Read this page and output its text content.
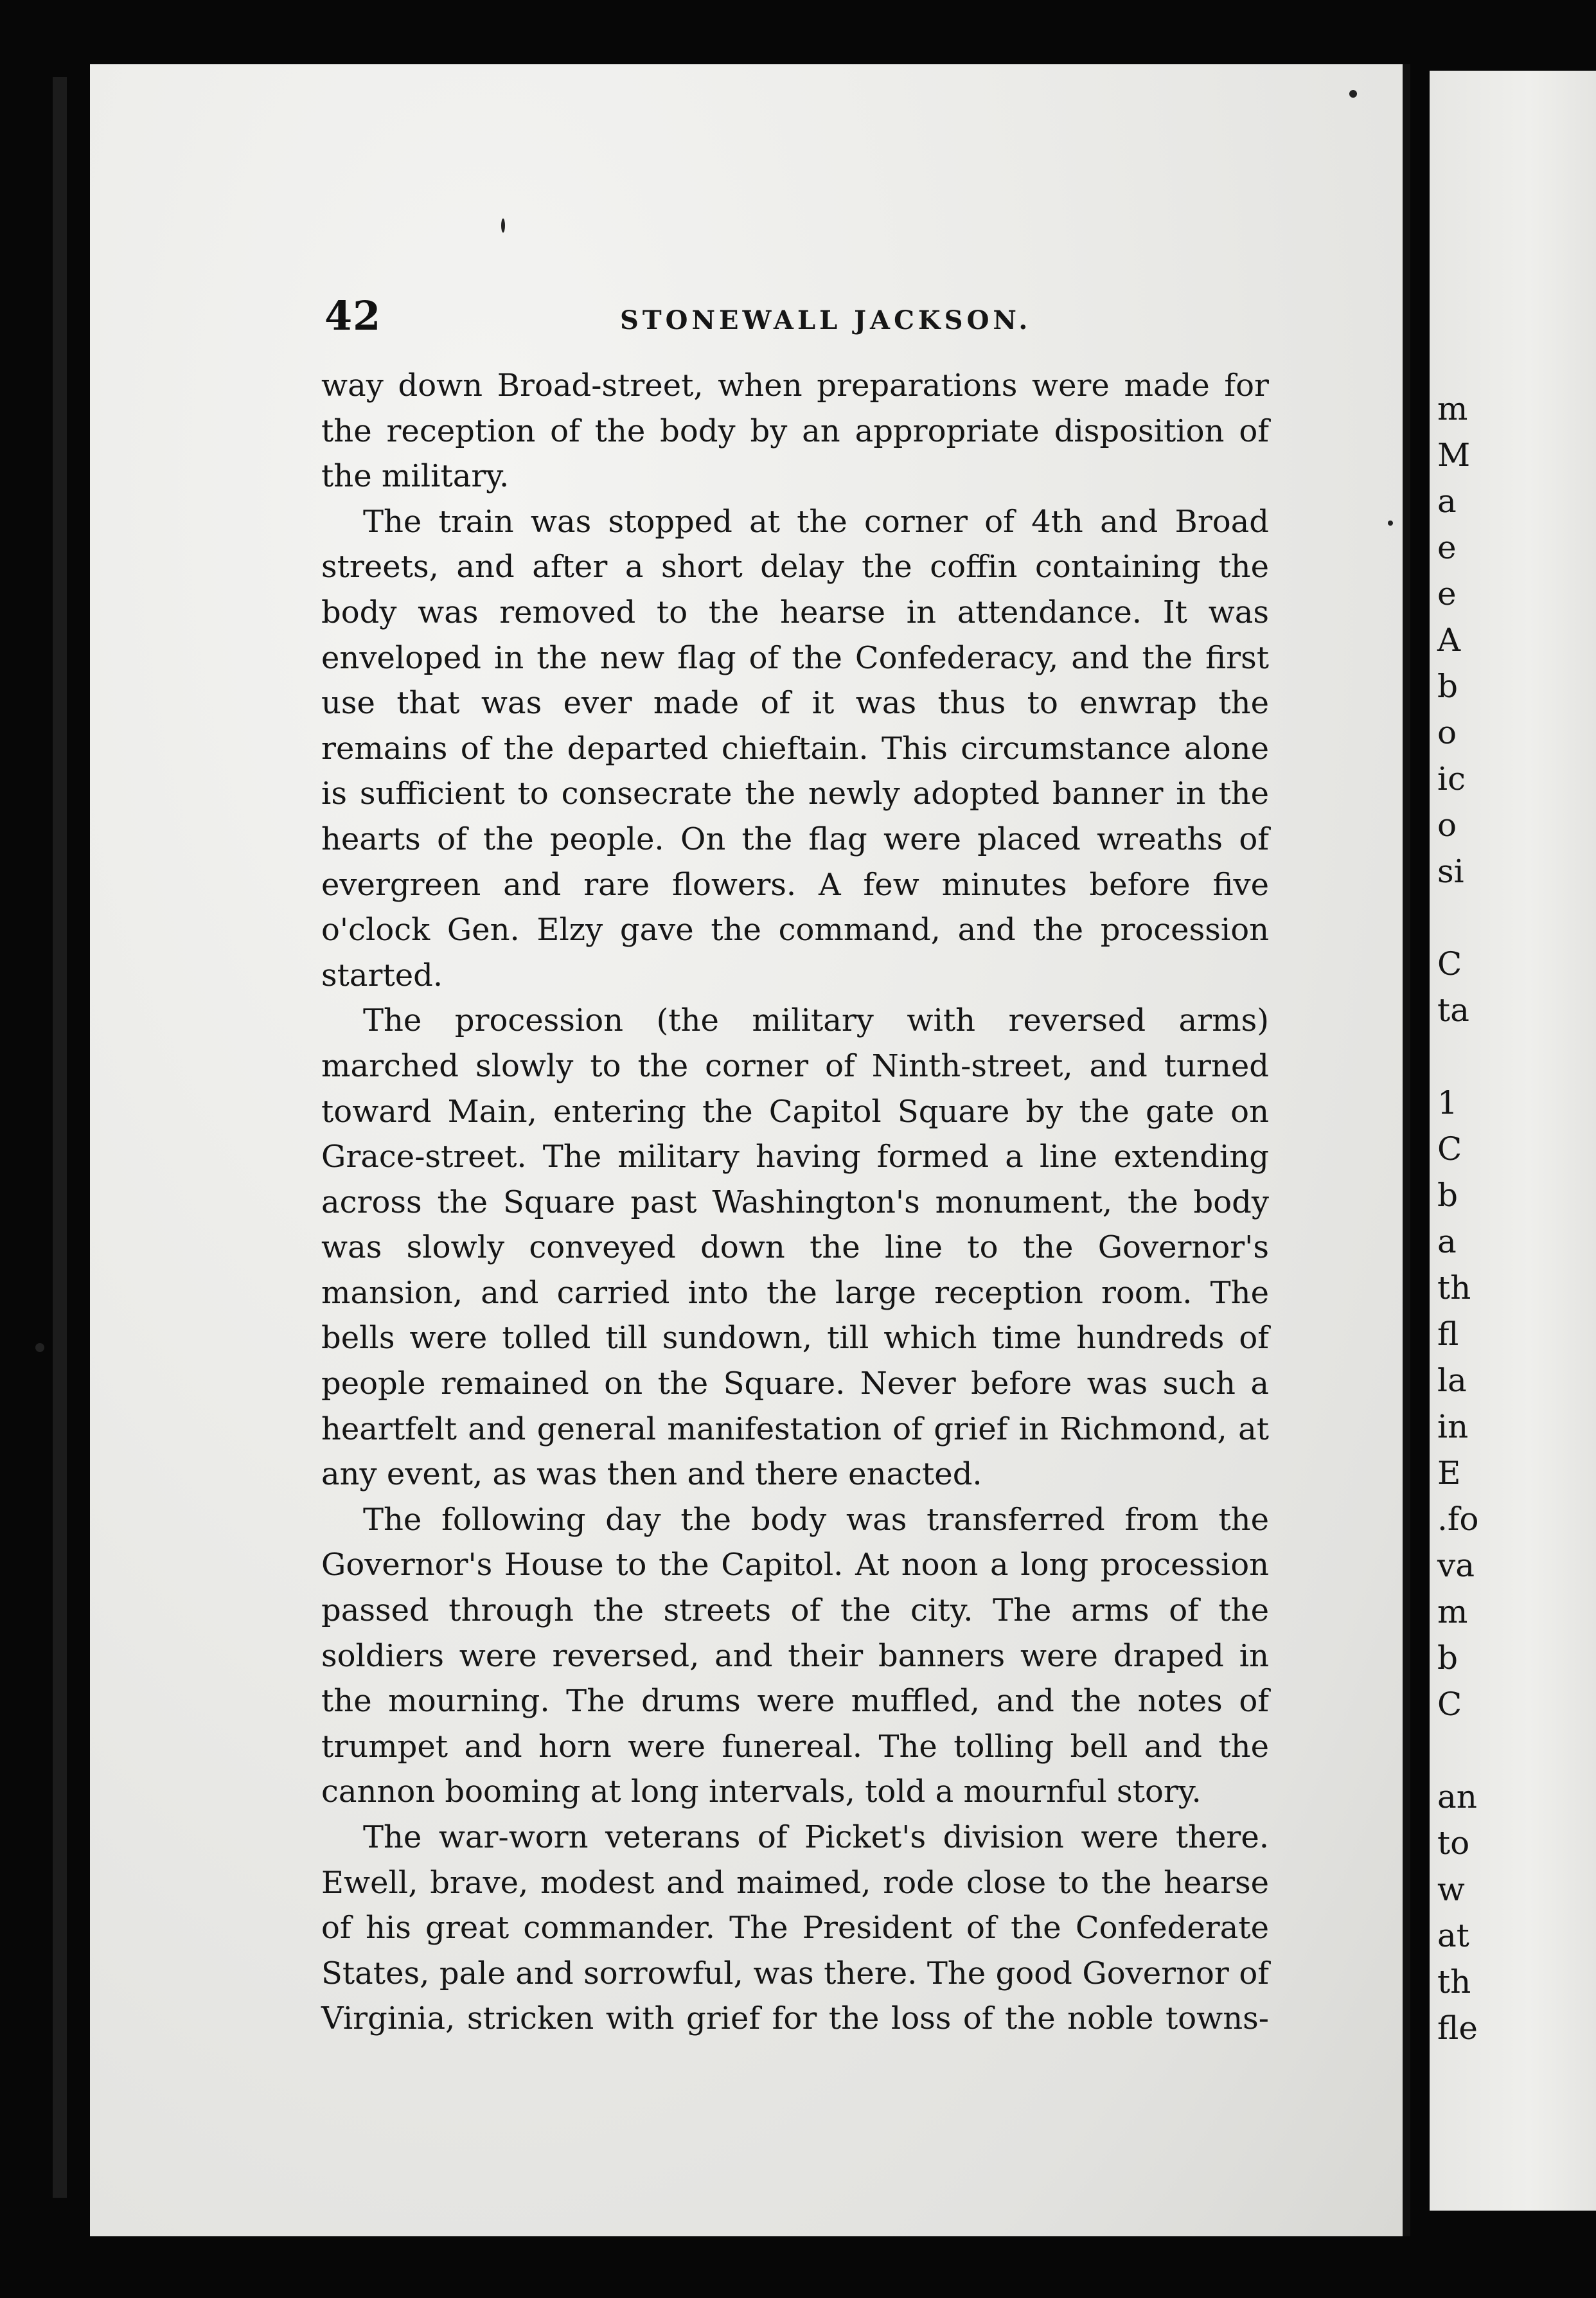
42	STONEWALL JACKSON.

way down Broad-street, when preparations were made for the reception of the body by an appropriate disposition of the military.

The train was stopped at the corner of 4th and Broad streets, and after a short delay the coffin containing the body was removed to the hearse in attendance. It was enveloped in the new flag of the Confederacy, and the first use that was ever made of it was thus to enwrap the remains of the departed chieftain. This circumstance alone is sufficient to consecrate the newly adopted banner in the hearts of the people. On the flag were placed wreaths of evergreen and rare flowers. A few minutes before five o'clock Gen. Elzy gave the command, and the procession started.

The procession (the military with reversed arms) marched slowly to the corner of Ninth-street, and turned toward Main, entering the Capitol Square by the gate on Grace-street. The military having formed a line extending across the Square past Washington's monument, the body was slowly conveyed down the line to the Governor's mansion, and carried into the large reception room. The bells were tolled till sundown, till which time hundreds of people remained on the Square. Never before was such a heartfelt and general manifestation of grief in Richmond, at any event, as was then and there enacted.

The following day the body was transferred from the Governor's House to the Capitol. At noon a long procession passed through the streets of the city. The arms of the soldiers were reversed, and their banners were draped in the mourning. The drums were muffled, and the notes of trumpet and horn were funereal. The tolling bell and the cannon booming at long intervals, told a mournful story.

The war-worn veterans of Picket's division were there. Ewell, brave, modest and maimed, rode close to the hearse of his great commander. The President of the Confederate States, pale and sorrowful, was there. The good Governor of Virginia, stricken with grief for the loss of the noble towns-

m
M
a
e
e
A
b
o
ic
o
si

C
ta

1
C
b
a
th
fl
la
in
E
.fo
va
m
b
C

an
to
w
at
th
fle
